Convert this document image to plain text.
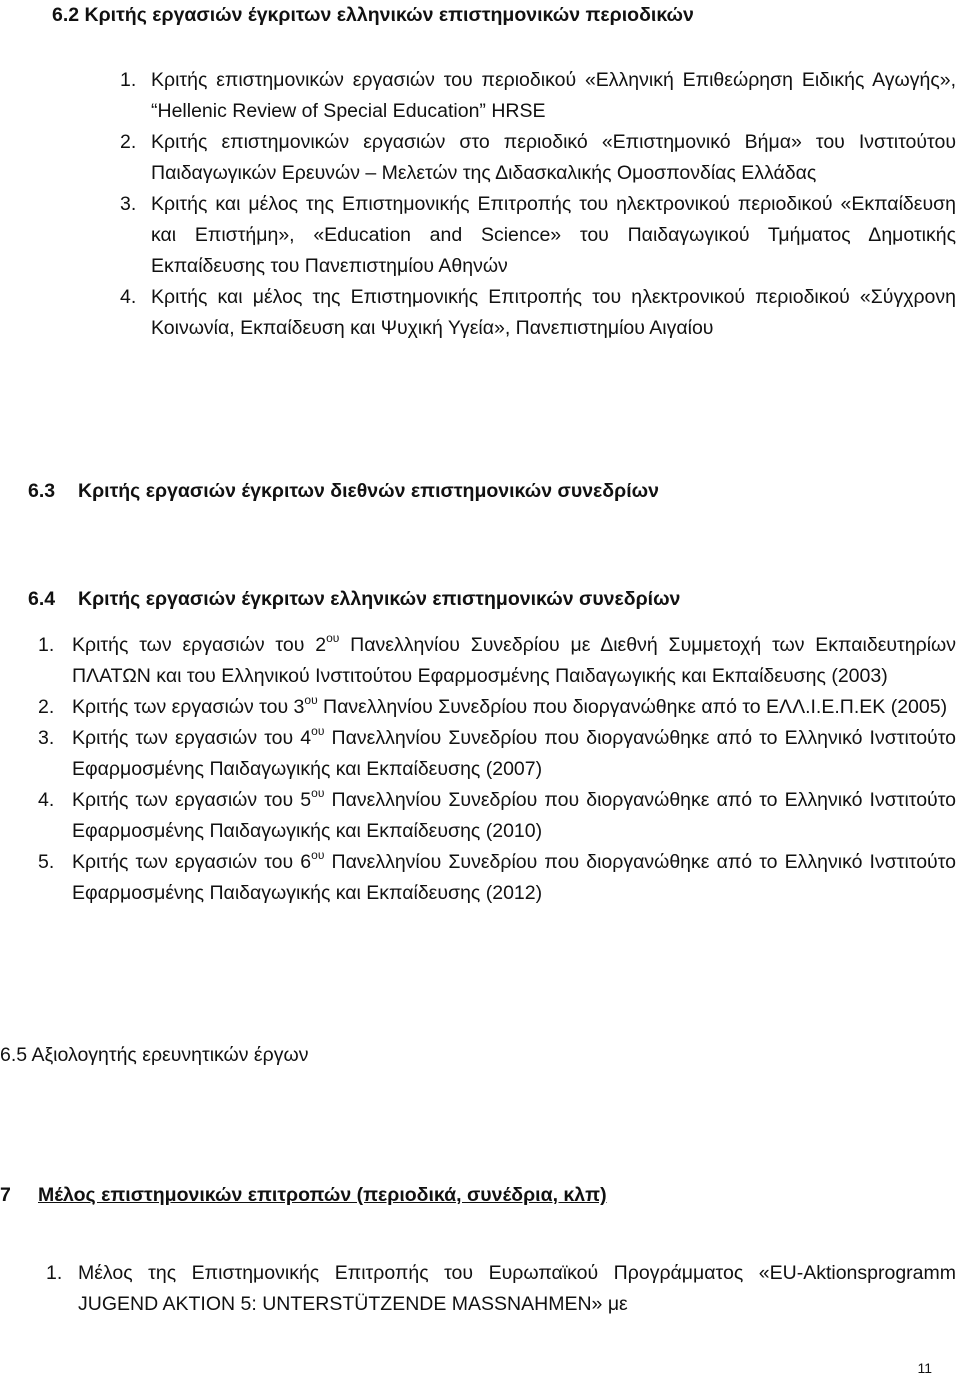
6.2 Κριτής εργασιών έγκριτων ελληνικών επιστημονικών περιοδικών
1. Κριτής επιστημονικών εργασιών του περιοδικού «Ελληνική Επιθεώρηση Ειδικής Αγωγής», “Hellenic Review of Special Education” HRSE
2. Κριτής επιστημονικών εργασιών στο περιοδικό «Επιστημονικό Βήμα» του Ινστιτούτου Παιδαγωγικών Ερευνών – Μελετών της Διδασκαλικής Ομοσπονδίας Ελλάδας
3. Κριτής και μέλος της Επιστημονικής Επιτροπής του ηλεκτρονικού περιοδικού «Εκπαίδευση και Επιστήμη», «Education and Science» του Παιδαγωγικού Τμήματος Δημοτικής Εκπαίδευσης του Πανεπιστημίου Αθηνών
4. Κριτής και μέλος της Επιστημονικής Επιτροπής του ηλεκτρονικού περιοδικού «Σύγχρονη Κοινωνία, Εκπαίδευση και Ψυχική Υγεία», Πανεπιστημίου Αιγαίου
6.3 Κριτής εργασιών έγκριτων διεθνών επιστημονικών συνεδρίων
6.4 Κριτής εργασιών έγκριτων ελληνικών επιστημονικών συνεδρίων
1. Κριτής των εργασιών του $2^{o\upsilon}$ Πανελληνίου Συνεδρίου με Διεθνή Συμμετοχή των Εκπαιδευτηρίων ΠΛΑΤΩΝ και του Ελληνικού Ινστιτούτου Εφαρμοσμένης Παιδαγωγικής και Εκπαίδευσης (2003)
2. Κριτής των εργασιών του $3^{o\upsilon}$ Πανελληνίου Συνεδρίου που διοργανώθηκε από το ΕΛΛ.Ι.Ε.Π.ΕΚ (2005)
3. Κριτής των εργασιών του $4^{o\upsilon}$ Πανελληνίου Συνεδρίου που διοργανώθηκε από το Ελληνικό Ινστιτούτο Εφαρμοσμένης Παιδαγωγικής και Εκπαίδευσης (2007)
4. Κριτής των εργασιών του $5^{o\upsilon}$ Πανελληνίου Συνεδρίου που διοργανώθηκε από το Ελληνικό Ινστιτούτο Εφαρμοσμένης Παιδαγωγικής και Εκπαίδευσης (2010)
5. Κριτής των εργασιών του $6^{o\upsilon}$ Πανελληνίου Συνεδρίου που διοργανώθηκε από το Ελληνικό Ινστιτούτο Εφαρμοσμένης Παιδαγωγικής και Εκπαίδευσης (2012)
6.5 Αξιολογητής ερευνητικών έργων
7 Μέλος επιστημονικών επιτροπών (περιοδικά, συνέδρια, κλπ)
1. Μέλος της Επιστημονικής Επιτροπής του Ευρωπαϊκού Προγράμματος «EU-Aktionsprogramm JUGEND AKTION 5: UNTERSTÜTZENDE MASSNAHMEN» με
11
